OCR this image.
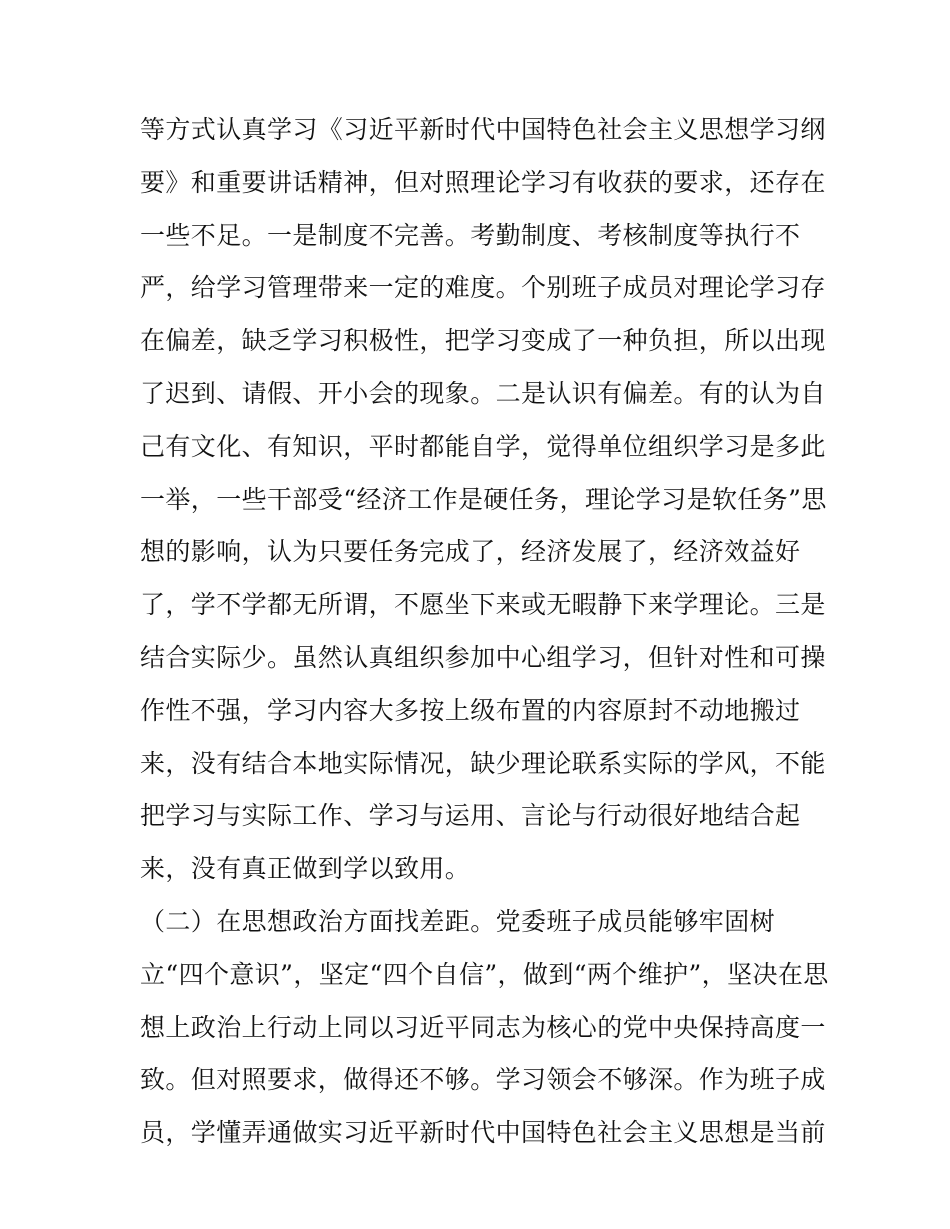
等方式认真学习《习近平新时代中国特色社会主义思想学习纲
要》和重要讲话精神，但对照理论学习有收获的要求，还存在
一些不足。一是制度不完善。考勤制度、考核制度等执行不
严，给学习管理带来一定的难度。个别班子成员对理论学习存
在偏差，缺乏学习积极性，把学习变成了一种负担，所以出现
了迟到、请假、开小会的现象。二是认识有偏差。有的认为自
己有文化、有知识，平时都能自学，觉得单位组织学习是多此
一举，一些干部受“经济工作是硬任务，理论学习是软任务”思
想的影响，认为只要任务完成了，经济发展了，经济效益好
了，学不学都无所谓，不愿坐下来或无暇静下来学理论。三是
结合实际少。虽然认真组织参加中心组学习，但针对性和可操
作性不强，学习内容大多按上级布置的内容原封不动地搬过
来，没有结合本地实际情况，缺少理论联系实际的学风，不能
把学习与实际工作、学习与运用、言论与行动很好地结合起
来，没有真正做到学以致用。
（二）在思想政治方面找差距。党委班子成员能够牢固树
立“四个意识”，坚定“四个自信”，做到“两个维护”，坚决在思
想上政治上行动上同以习近平同志为核心的党中央保持高度一
致。但对照要求，做得还不够。学习领会不够深。作为班子成
员，学懂弄通做实习近平新时代中国特色社会主义思想是当前
